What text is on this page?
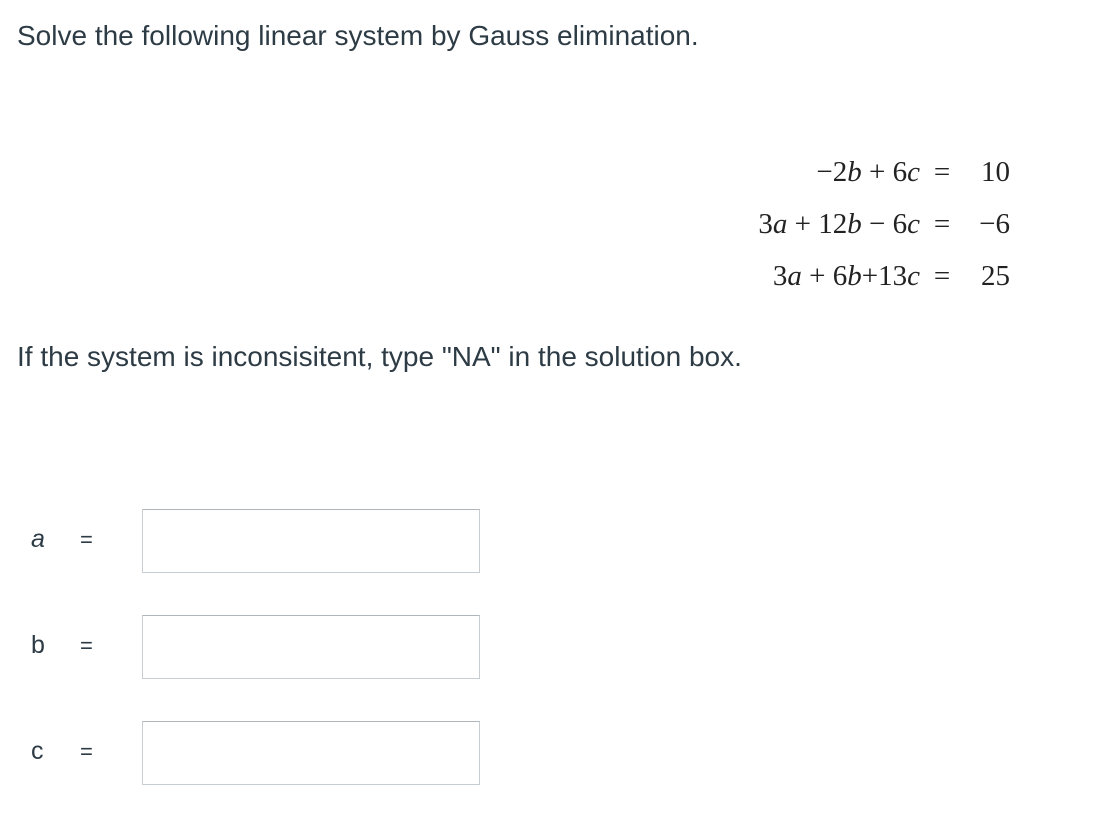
Solve the following linear system by Gauss elimination.
−2b + 6c =	10
3a + 12b − 6c = −6
3a + 6b+13c =	25

If the system is inconsisitent, type "NA" in the solution box.

a =
b =
c =
